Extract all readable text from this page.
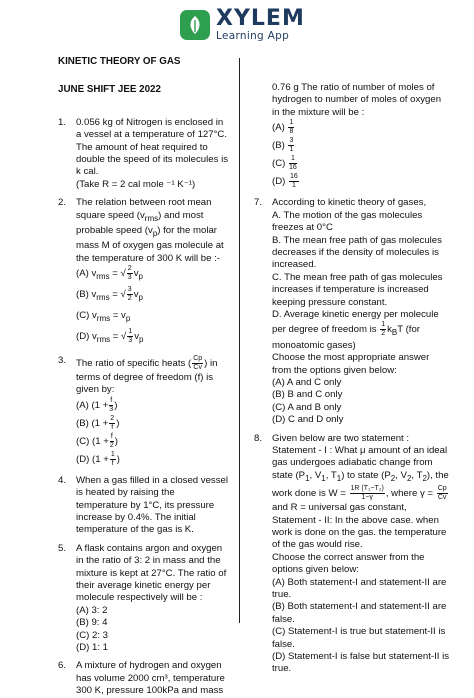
XYLEM
Learning App

KINETIC THEORY OF GAS

JUNE SHIFT JEE 2022

1. 0.056 kg of Nitrogen is enclosed in a vessel at a temperature of 127°C. The amount of heat required to double the speed of its molecules is k cal.
(Take R = 2 cal mole ⁻¹ K⁻¹)
2. The relation between root mean square speed $(v_{rms})$ and most probable speed $(v_p)$ for the molar mass M of oxygen gas molecule at the temperature of 300 K will be :-
(A) $v_{rms}$ = √ $\frac{2}{3} v_p$
(B) $v_{rms}$ = √ $\frac{3}{2} v_p$
(C) $v_{rms} = v_p$
(D) $v_{rms}$ = √ $\frac{1}{3} v_p$
3. The ratio of specific heats ( $\frac{Cp}{Cv}$ ) in terms of degree of freedom (f) is given by:
(A) ($1 + \frac{f}{3}$ )
(B) ($1 + \frac{2}{f}$ )
(C) ($1 + \frac{f}{2}$ )
(D) ($1 + \frac{1}{f}$ )
4. When a gas filled in a closed vessel is heated by raising the temperature by 1°C, its pressure increase by 0.4%. The initial temperature of the gas is K.
5. A flask contains argon and oxygen in the ratio of 3: 2 in mass and the mixture is kept at 27°C. The ratio of their average kinetic energy per molecule respectively will be :
(A) 3: 2
(B) 9: 4
(C) 2: 3
(D) 1: 1
6. A mixture of hydrogen and oxygen has volume 2000 cm³, temperature 300 K, pressure 100kPa and mass
0.76 g The ratio of number of moles of hydrogen to number of moles of oxygen in the mixture will be :
$(A) \frac{1}{8}$
$(B) \frac{3}{1}$
$(C) \frac{1}{16}$
$(D) \frac{16}{1}$
7. According to kinetic theory of gases,
A. The motion of the gas molecules freezes at 0°C
B. The mean free path of gas molecules decreases if the density of molecules is increased.
C. The mean free path of gas molecules increases if temperature is increased keeping pressure constant.
D. Average kinetic energy per molecule per degree of freedom is $\frac{1}{2} k_BT$ (for monoatomic gases)
Choose the most appropriate answer from the options given below:
(A) A and C only
(B) B and C only
(C) A and B only
(D) C and D only
8. Given below are two statement :
Statement - I : What μ amount of an ideal gas undergoes adiabatic change from state ($P_1$, $V_1$, $T_1$) to state ($P_2$, $V_2$, $T_2$), the work done is $W = \frac{\text{1R (T₁−T₂)}}{1-\gamma}$ , where $\gamma = \frac{Cp}{Cv}$
and R = universal gas constant,
Statement - II: In the above case. when work is done on the gas. the temperature of the gas would rise.
Choose the correct answer from the options given below:
(A) Both statement-I and statement-II are true.
(B) Both statement-I and statement-II are false.
(C) Statement-I is true but statement-II is false.
(D) Statement-I is false but statement-II is true.
